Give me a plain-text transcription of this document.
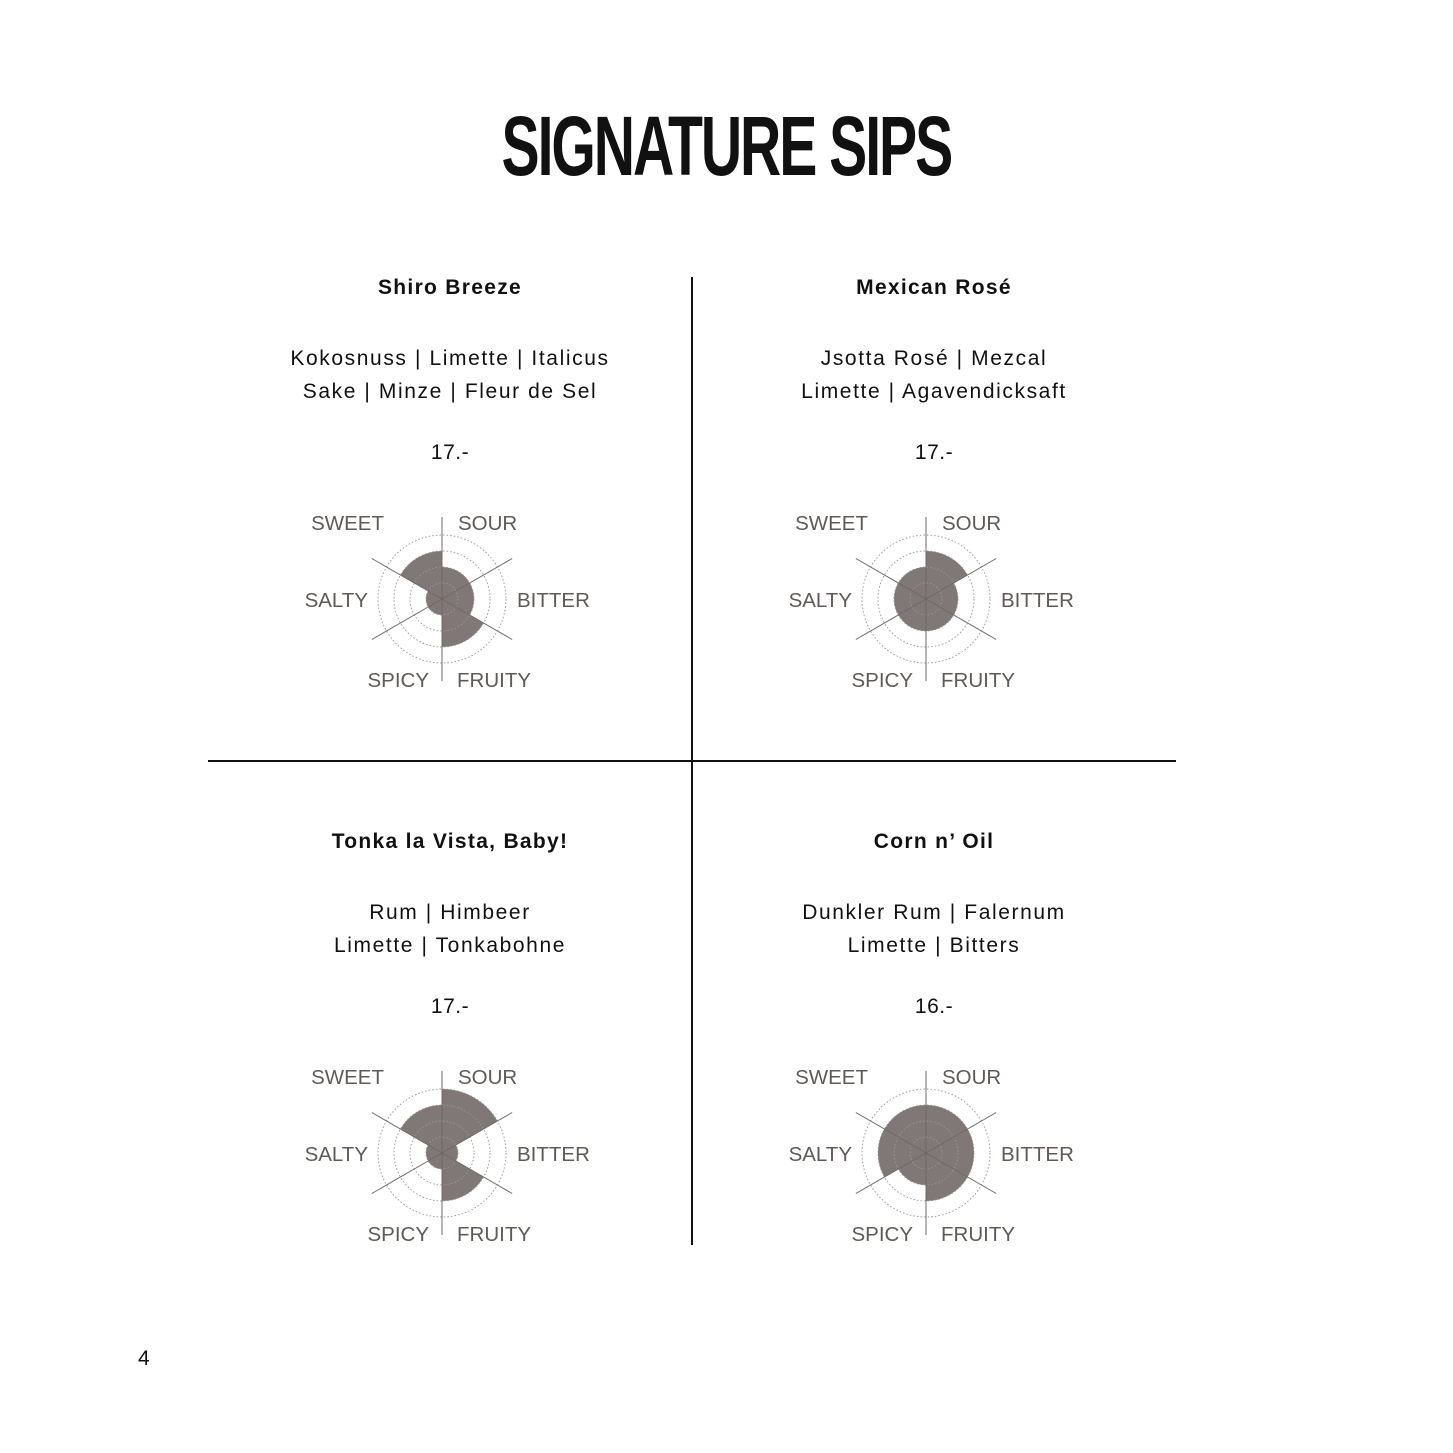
SIGNATURE SIPS
Shiro Breeze
Kokosnuss | Limette | Italicus
Sake | Minze | Fleur de Sel
17.-
SWEET	SOUR
BITTER
FRUITY
SPICY
SALTY
Mexican Rosé
Jsotta Rosé | Mezcal
Limette | Agavendicksaft
17.-
SWEET	SOUR
BITTER
FRUITY
SPICY
SALTY
Tonka la Vista, Baby!
Rum | Himbeer
Limette | Tonkabohne
17.-
SWEET	SOUR
BITTER
FRUITY
SPICY
SALTY
Corn n’ Oil
Dunkler Rum | Falernum
Limette | Bitters
16.-
SWEET	SOUR
BITTER
FRUITY
SPICY
SALTY
4
